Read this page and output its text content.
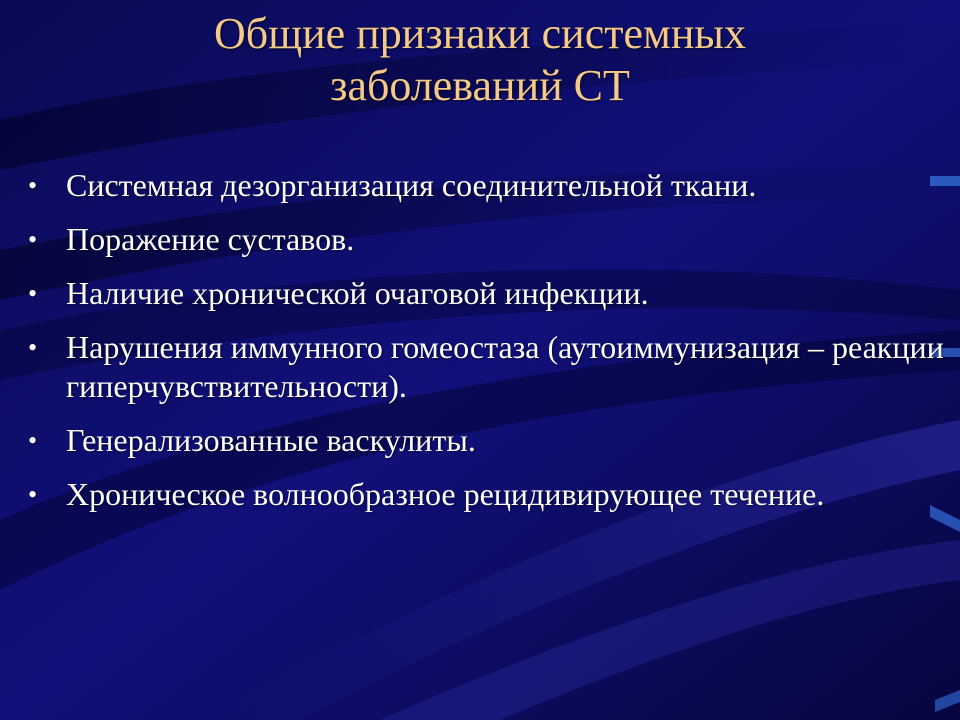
Общие признаки системных
заболеваний СТ
• Системная дезорганизация соединительной ткани.
• Поражение суставов.
• Наличие хронической очаговой инфекции.
• Нарушения иммунного гомеостаза (аутоиммунизация – реакции гиперчувствительности).
• Генерализованные васкулиты.
• Хроническое волнообразное рецидивирующее течение.
